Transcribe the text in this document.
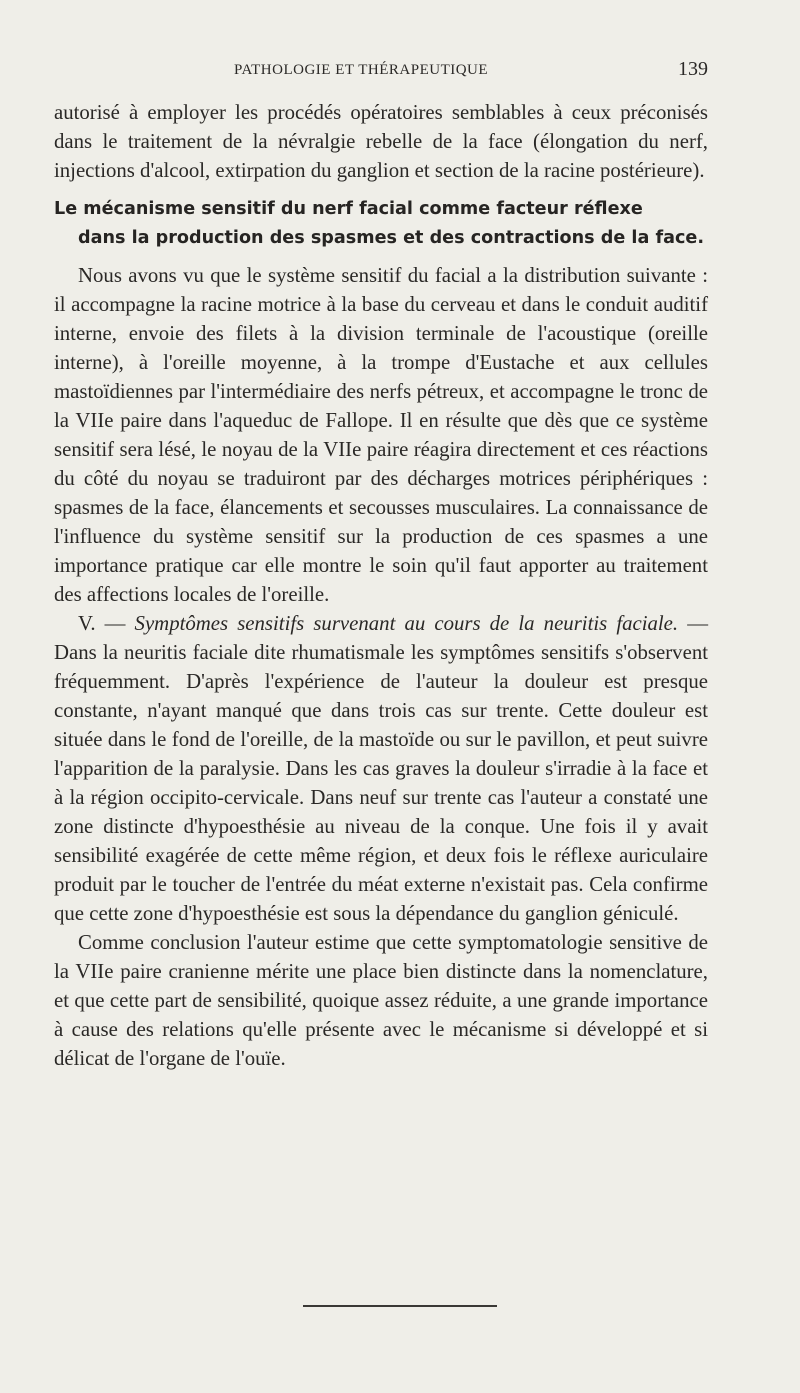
PATHOLOGIE ET THÉRAPEUTIQUE	139

autorisé à employer les procédés opératoires semblables à ceux préconisés dans le traitement de la névralgie rebelle de la face (élongation du nerf, injections d'alcool, extirpation du ganglion et section de la racine postérieure).

Le mécanisme sensitif du nerf facial comme facteur réflexe
dans la production des spasmes et des contractions de la face.

Nous avons vu que le système sensitif du facial a la distribution suivante : il accompagne la racine motrice à la base du cerveau et dans le conduit auditif interne, envoie des filets à la division terminale de l'acoustique (oreille interne), à l'oreille moyenne, à la trompe d'Eustache et aux cellules mastoïdiennes par l'intermédiaire des nerfs pétreux, et accompagne le tronc de la VIIe paire dans l'aqueduc de Fallope. Il en résulte que dès que ce système sensitif sera lésé, le noyau de la VIIe paire réagira directement et ces réactions du côté du noyau se traduiront par des décharges motrices périphériques : spasmes de la face, élancements et secousses musculaires. La connaissance de l'influence du système sensitif sur la production de ces spasmes a une importance pratique car elle montre le soin qu'il faut apporter au traitement des affections locales de l'oreille.

V. — Symptômes sensitifs survenant au cours de la neuritis faciale. — Dans la neuritis faciale dite rhumatismale les symptômes sensitifs s'observent fréquemment. D'après l'expérience de l'auteur la douleur est presque constante, n'ayant manqué que dans trois cas sur trente. Cette douleur est située dans le fond de l'oreille, de la mastoïde ou sur le pavillon, et peut suivre l'apparition de la paralysie. Dans les cas graves la douleur s'irradie à la face et à la région occipito-cervicale. Dans neuf sur trente cas l'auteur a constaté une zone distincte d'hypoesthésie au niveau de la conque. Une fois il y avait sensibilité exagérée de cette même région, et deux fois le réflexe auriculaire produit par le toucher de l'entrée du méat externe n'existait pas. Cela confirme que cette zone d'hypoesthésie est sous la dépendance du ganglion géniculé.

Comme conclusion l'auteur estime que cette symptomatologie sensitive de la VIIe paire cranienne mérite une place bien distincte dans la nomenclature, et que cette part de sensibilité, quoique assez réduite, a une grande importance à cause des relations qu'elle présente avec le mécanisme si développé et si délicat de l'organe de l'ouïe.
